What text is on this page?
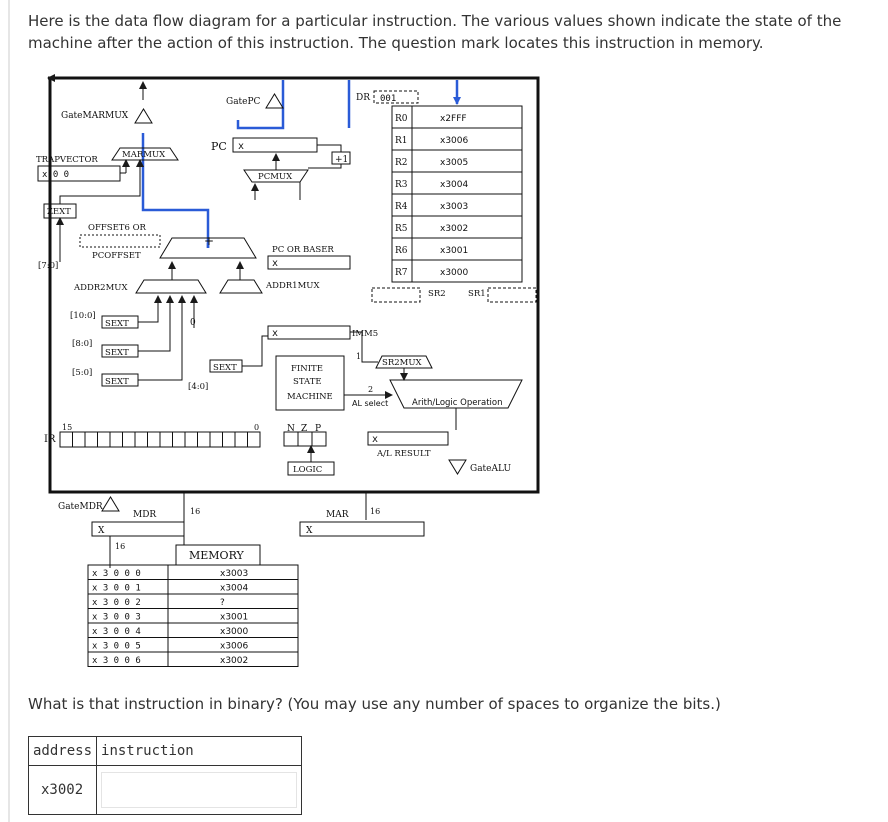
Here is the data flow diagram for a particular instruction. The various values shown indicate the state of the machine after the action of this instruction. The question mark locates this instruction in memory.
GatePC
GateMARMUX
MARMUX
TRAPVECTOR
x 0 0
ZEXT
[7:0]
OFFSET6 OR
PCOFFSET
PC x
PCMUX
+1
+
PC OR BASER
x
ADDR2MUX	ADDR1MUX
DR 001
R0	x2FFF
R1	x3006
R2	x3005
R3	x3004
R4	x3003
R5	x3002
R6	x3001
R7	x3000
SR2	SR1
[10:0]
SEXT
[8:0]
SEXT
[5:0]
SEXT
0
SEXT
[4:0]
x	IMM5
1
SR2MUX
FINITE
STATE
MACHINE
2
AL select	Arith/Logic Operation
x
A/L RESULT
GateALU
IR
15	0	N Z P
LOGIC
GateMDR
MDR	16
X
16
MAR	16
X
MEMORY
x 3 0 0 0	x3003
x 3 0 0 1	x3004
x 3 0 0 2	?
x 3 0 0 3	x3001
x 3 0 0 4	x3000
x 3 0 0 5	x3006
x 3 0 0 6	x3002
What is that instruction in binary? (You may use any number of spaces to organize the bits.)
address	instruction
x3002	
